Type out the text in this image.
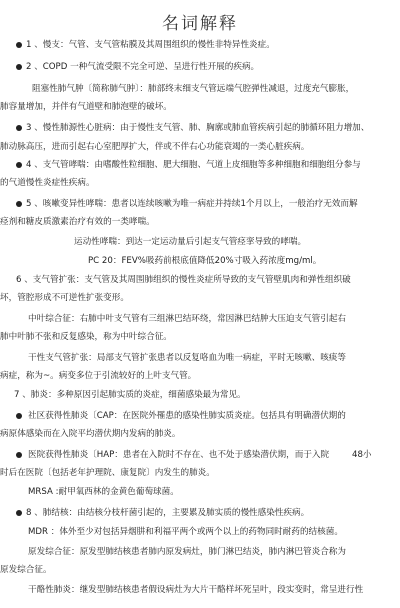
名词解释
1 、慢支：气管、支气管粘膜及其周围组织的慢性非特异性炎症。
2 、COPD 一种气流受限不完全可逆、呈进行性开展的疾病。
阻塞性肺气肿〔简称肺气肿〕：肺部终末细支气管远端气腔弹性减退，过度充气膨胀，
肺容量增加，并伴有气道壁和肺泡壁的破坏。
3 、慢性肺源性心脏病：由于慢性支气管、肺、胸廓或肺血管疾病引起的肺循环阻力增加、
肺动脉高压，进而引起右心室肥厚扩大，伴或不伴右心功能衰竭的一类心脏疾病。
4 、支气管哮喘：由嗜酸性粒细胞、肥大细胞、气道上皮细胞等多种细胞和细胞组分参与
的气道慢性炎症性疾病。
5 、咳嗽变异性哮喘：患者以连续咳嗽为唯一病症并持续1个月以上，一般治疗无效而解
痉剂和糖皮质激素治疗有效的一类哮喘。
运动性哮喘：到达一定运动量后引起支气管痉挛导致的哮喘。
PC 20：FEV%吸药前根底值降低20%寸吸入药浓度mg/ml。
6 、支气管扩张：支气管及其周围肺组织的慢性炎症所导致的支气管壁肌肉和弹性组织破
坏，管腔形成不可逆性扩张变形。
中叶综合征：右肺中叶支气管有三组淋巴结环绕，常因淋巴结肿大压迫支气管引起右
肺中叶肺不张和反复感染，称为中叶综合征。
干性支气管扩张：局部支气管扩张患者以反复咯血为唯一病症，平时无咳嗽、咳痰等
病症，称为~。病变多位于引流较好的上叶支气管。
7 、肺炎：多种原因引起肺实质的炎症，细菌感染最为常见。
社区获得性肺炎〔CAP：在医院外罹患的感染性肺实质炎症。包括具有明确潜伏期的
病原体感染而在入院平均潜伏期内发病的肺炎。
医院获得性肺炎〔HAP：患者在入院时不存在、也不处于感染潜伏期，而于入院	48小
时后在医院〔包括老年护理院、康复院〕内发生的肺炎。
MRSA :耐甲氧西林的金黄色葡萄球菌。
8 、肺结核：由结核分枝杆菌引起的，主要累及肺实质的慢性感染性疾病。
MDR ：体外至少对包括异烟肼和利福平两个或两个以上的药物同时耐药的结核菌。
原发综合征：原发型肺结核患者肺内原发病灶，肺门淋巴结炎，肺内淋巴管炎合称为
原发综合征。
干酪性肺炎：继发型肺结核患者假设病灶为大片干酪样坏死呈叶，段实变时，常呈进行性
